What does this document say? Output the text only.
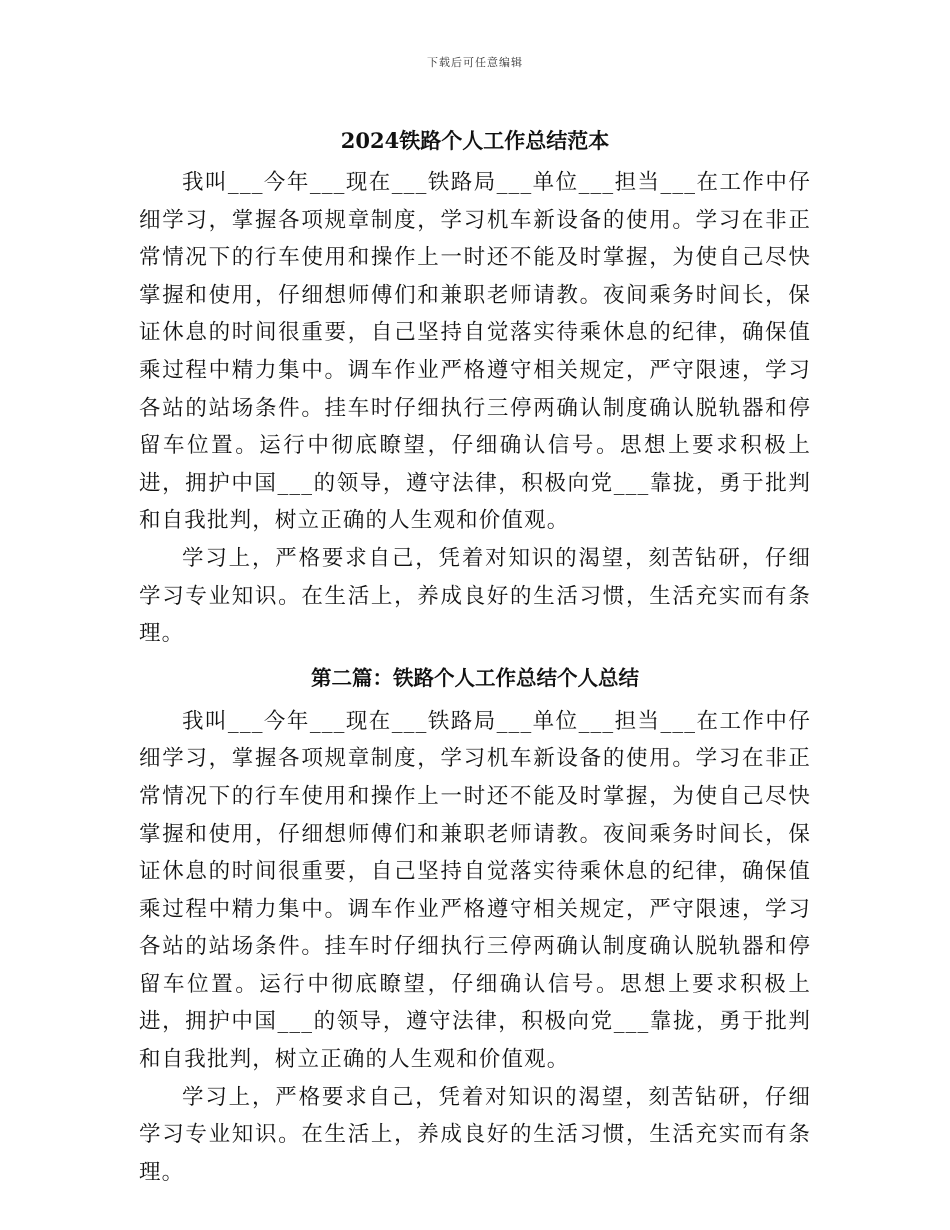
下载后可任意编辑
2024铁路个人工作总结范本

我叫___今年___现在___铁路局___单位___担当___在工作中仔细学习，掌握各项规章制度，学习机车新设备的使用。学习在非正常情况下的行车使用和操作上一时还不能及时掌握，为使自己尽快掌握和使用，仔细想师傅们和兼职老师请教。夜间乘务时间长，保证休息的时间很重要，自己坚持自觉落实待乘休息的纪律，确保值乘过程中精力集中。调车作业严格遵守相关规定，严守限速，学习各站的站场条件。挂车时仔细执行三停两确认制度确认脱轨器和停留车位置。运行中彻底瞭望，仔细确认信号。思想上要求积极上进，拥护中国___的领导，遵守法律，积极向党___靠拢，勇于批判和自我批判，树立正确的人生观和价值观。

学习上，严格要求自己，凭着对知识的渴望，刻苦钻研，仔细学习专业知识。在生活上，养成良好的生活习惯，生活充实而有条理。

第二篇：铁路个人工作总结个人总结

我叫___今年___现在___铁路局___单位___担当___在工作中仔细学习，掌握各项规章制度，学习机车新设备的使用。学习在非正常情况下的行车使用和操作上一时还不能及时掌握，为使自己尽快掌握和使用，仔细想师傅们和兼职老师请教。夜间乘务时间长，保证休息的时间很重要，自己坚持自觉落实待乘休息的纪律，确保值乘过程中精力集中。调车作业严格遵守相关规定，严守限速，学习各站的站场条件。挂车时仔细执行三停两确认制度确认脱轨器和停留车位置。运行中彻底瞭望，仔细确认信号。思想上要求积极上进，拥护中国___的领导，遵守法律，积极向党___靠拢，勇于批判和自我批判，树立正确的人生观和价值观。

学习上，严格要求自己，凭着对知识的渴望，刻苦钻研，仔细学习专业知识。在生活上，养成良好的生活习惯，生活充实而有条理。
